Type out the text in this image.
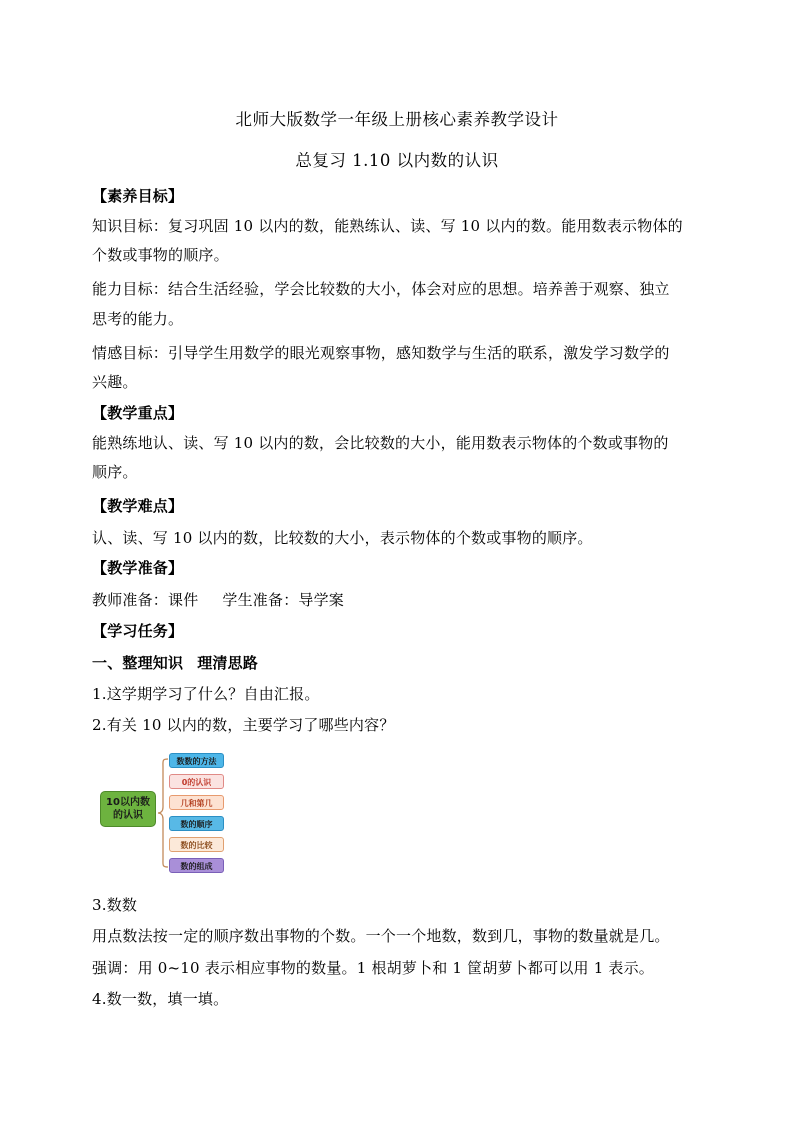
北师大版数学一年级上册核心素养教学设计
总复习 1.10 以内数的认识
【素养目标】
知识目标：复习巩固 10 以内的数，能熟练认、读、写 10 以内的数。能用数表示物体的
个数或事物的顺序。
能力目标：结合生活经验，学会比较数的大小，体会对应的思想。培养善于观察、独立
思考的能力。
情感目标：引导学生用数学的眼光观察事物，感知数学与生活的联系，激发学习数学的
兴趣。
【教学重点】
能熟练地认、读、写 10 以内的数，会比较数的大小，能用数表示物体的个数或事物的
顺序。
【教学难点】
认、读、写 10 以内的数，比较数的大小，表示物体的个数或事物的顺序。
【教学准备】
教师准备：课件 学生准备：导学案
【学习任务】
一、整理知识 理清思路
1.这学期学习了什么？自由汇报。
2.有关 10 以内的数，主要学习了哪些内容？
10以内数
的认识
数数的方法
0的认识
几和第几
数的顺序
数的比较
数的组成
3.数数
用点数法按一定的顺序数出事物的个数。一个一个地数，数到几，事物的数量就是几。
强调：用 0~10 表示相应事物的数量。1 根胡萝卜和 1 筐胡萝卜都可以用 1 表示。
4.数一数，填一填。
